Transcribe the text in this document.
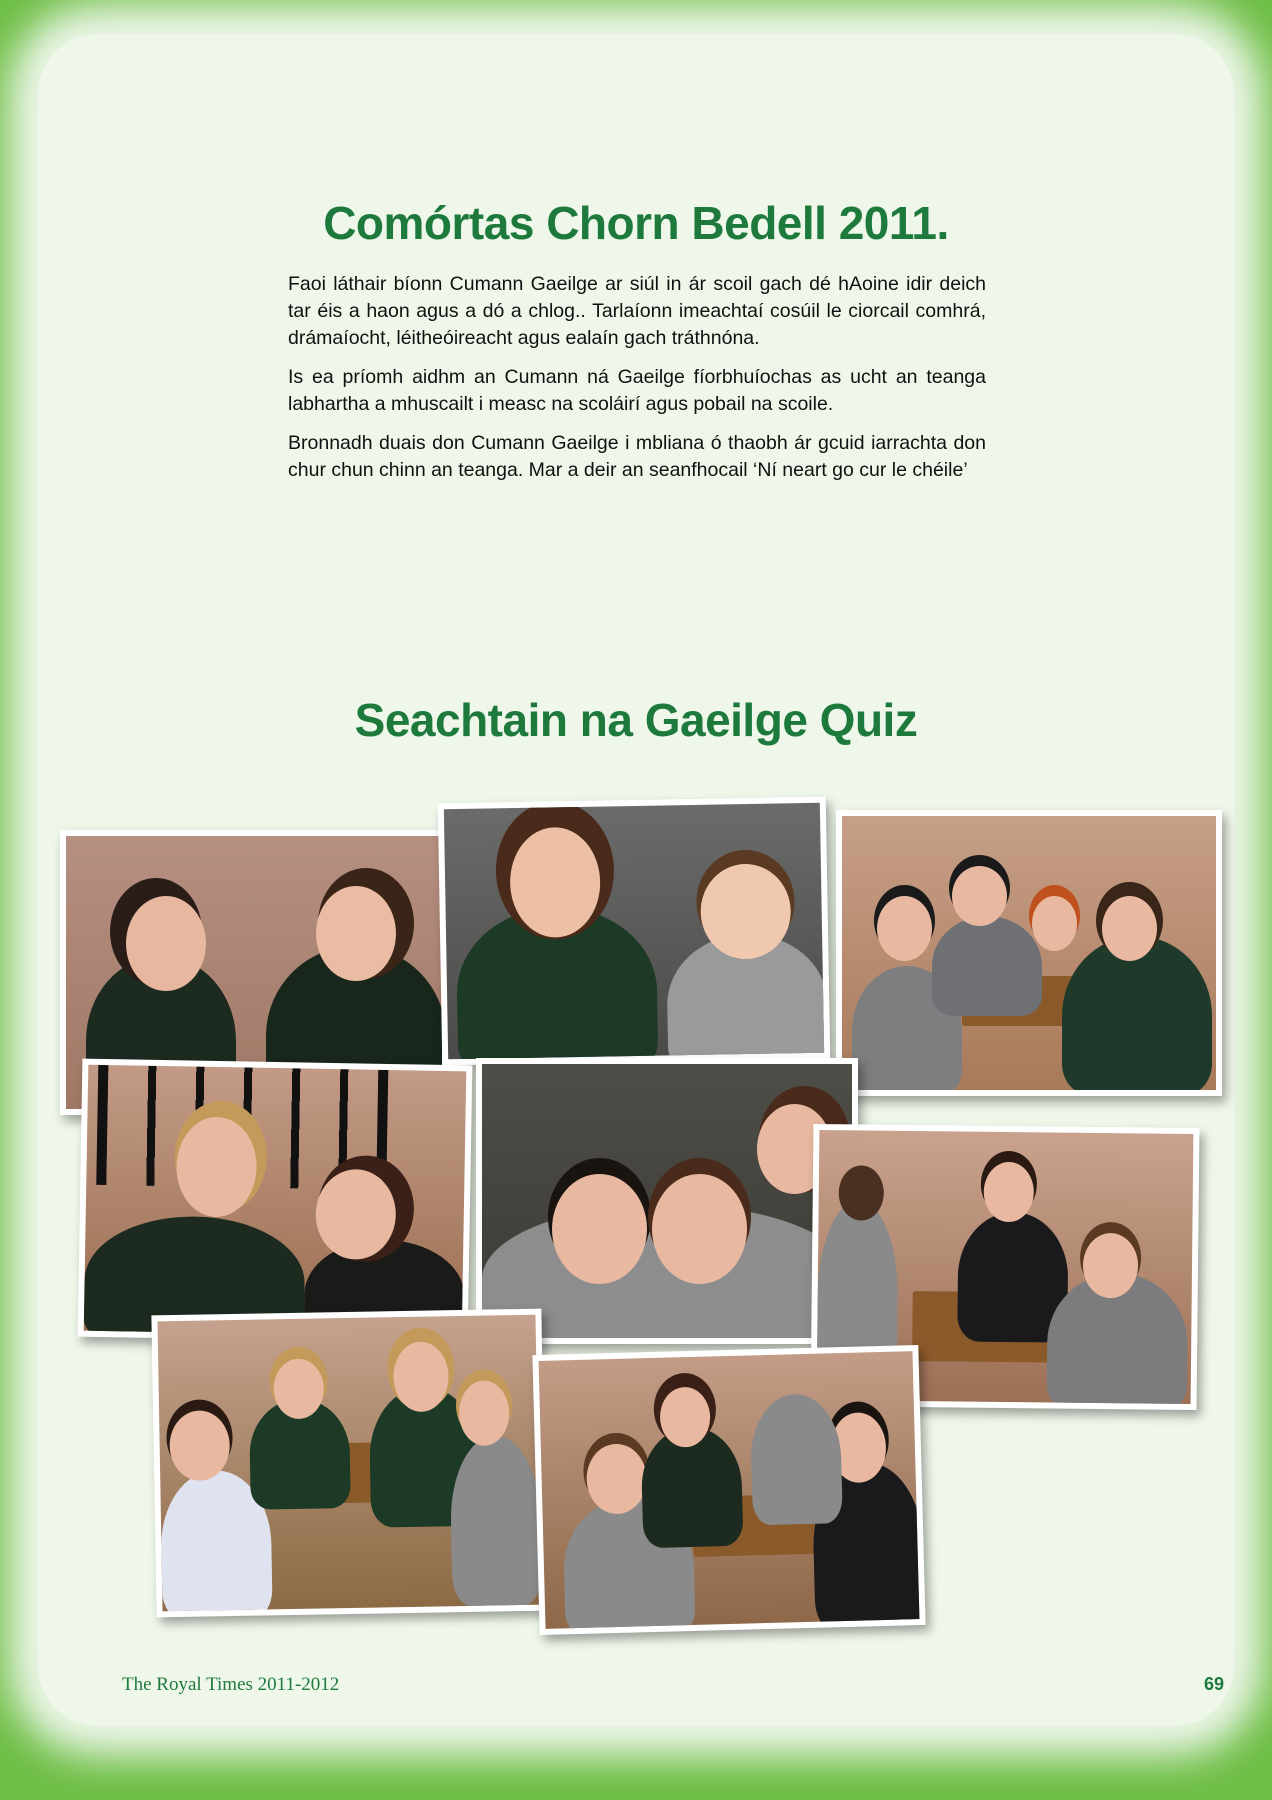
Comórtas Chorn Bedell 2011.

Faoi láthair bíonn Cumann Gaeilge ar siúl in ár scoil gach dé hAoine idir deich tar éis a haon agus a dó a chlog.. Tarlaíonn imeachtaí cosúil le ciorcail comhrá, drámaíocht, léitheóireacht agus ealaín gach tráthnóna.

Is ea príomh aidhm an Cumann ná Gaeilge fíorbhuíochas as ucht an teanga labhartha a mhuscailt i measc na scoláirí agus pobail na scoile.

Bronnadh duais don Cumann Gaeilge i mbliana ó thaobh ár gcuid iarrachta don chur chun chinn an teanga. Mar a deir an seanfhocail ‘Ní neart go cur le chéile’

Seachtain na Gaeilge Quiz
The Royal Times 2011-2012	69
